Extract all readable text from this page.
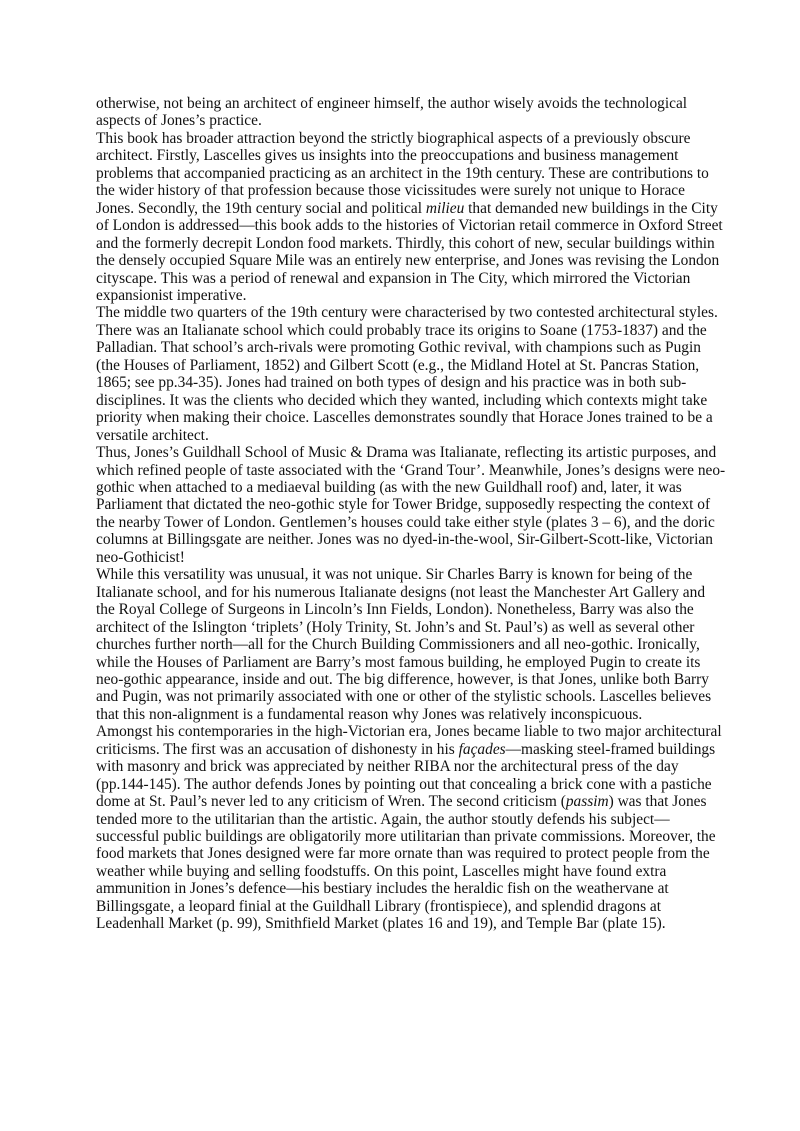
otherwise, not being an architect of engineer himself, the author wisely avoids the technological aspects of Jones’s practice.

This book has broader attraction beyond the strictly biographical aspects of a previously obscure architect. Firstly, Lascelles gives us insights into the preoccupations and business management problems that accompanied practicing as an architect in the 19th century. These are contributions to the wider history of that profession because those vicissitudes were surely not unique to Horace Jones. Secondly, the 19th century social and political milieu that demanded new buildings in the City of London is addressed—this book adds to the histories of Victorian retail commerce in Oxford Street and the formerly decrepit London food markets. Thirdly, this cohort of new, secular buildings within the densely occupied Square Mile was an entirely new enterprise, and Jones was revising the London cityscape. This was a period of renewal and expansion in The City, which mirrored the Victorian expansionist imperative.

The middle two quarters of the 19th century were characterised by two contested architectural styles. There was an Italianate school which could probably trace its origins to Soane (1753-1837) and the Palladian. That school’s arch-rivals were promoting Gothic revival, with champions such as Pugin (the Houses of Parliament, 1852) and Gilbert Scott (e.g., the Midland Hotel at St. Pancras Station, 1865; see pp.34-35). Jones had trained on both types of design and his practice was in both sub-disciplines. It was the clients who decided which they wanted, including which contexts might take priority when making their choice. Lascelles demonstrates soundly that Horace Jones trained to be a versatile architect.

Thus, Jones’s Guildhall School of Music & Drama was Italianate, reflecting its artistic purposes, and which refined people of taste associated with the ‘Grand Tour’. Meanwhile, Jones’s designs were neo-gothic when attached to a mediaeval building (as with the new Guildhall roof) and, later, it was Parliament that dictated the neo-gothic style for Tower Bridge, supposedly respecting the context of the nearby Tower of London. Gentlemen’s houses could take either style (plates 3 – 6), and the doric columns at Billingsgate are neither. Jones was no dyed-in-the-wool, Sir-Gilbert-Scott-like, Victorian neo-Gothicist!

While this versatility was unusual, it was not unique. Sir Charles Barry is known for being of the Italianate school, and for his numerous Italianate designs (not least the Manchester Art Gallery and the Royal College of Surgeons in Lincoln’s Inn Fields, London). Nonetheless, Barry was also the architect of the Islington ‘triplets’ (Holy Trinity, St. John’s and St. Paul’s) as well as several other churches further north—all for the Church Building Commissioners and all neo-gothic. Ironically, while the Houses of Parliament are Barry’s most famous building, he employed Pugin to create its neo-gothic appearance, inside and out. The big difference, however, is that Jones, unlike both Barry and Pugin, was not primarily associated with one or other of the stylistic schools. Lascelles believes that this non-alignment is a fundamental reason why Jones was relatively inconspicuous.

Amongst his contemporaries in the high-Victorian era, Jones became liable to two major architectural criticisms. The first was an accusation of dishonesty in his façades—masking steel-framed buildings with masonry and brick was appreciated by neither RIBA nor the architectural press of the day (pp.144-145). The author defends Jones by pointing out that concealing a brick cone with a pastiche dome at St. Paul’s never led to any criticism of Wren. The second criticism (passim) was that Jones tended more to the utilitarian than the artistic. Again, the author stoutly defends his subject—successful public buildings are obligatorily more utilitarian than private commissions. Moreover, the food markets that Jones designed were far more ornate than was required to protect people from the weather while buying and selling foodstuffs. On this point, Lascelles might have found extra ammunition in Jones’s defence—his bestiary includes the heraldic fish on the weathervane at Billingsgate, a leopard finial at the Guildhall Library (frontispiece), and splendid dragons at Leadenhall Market (p. 99), Smithfield Market (plates 16 and 19), and Temple Bar (plate 15).
